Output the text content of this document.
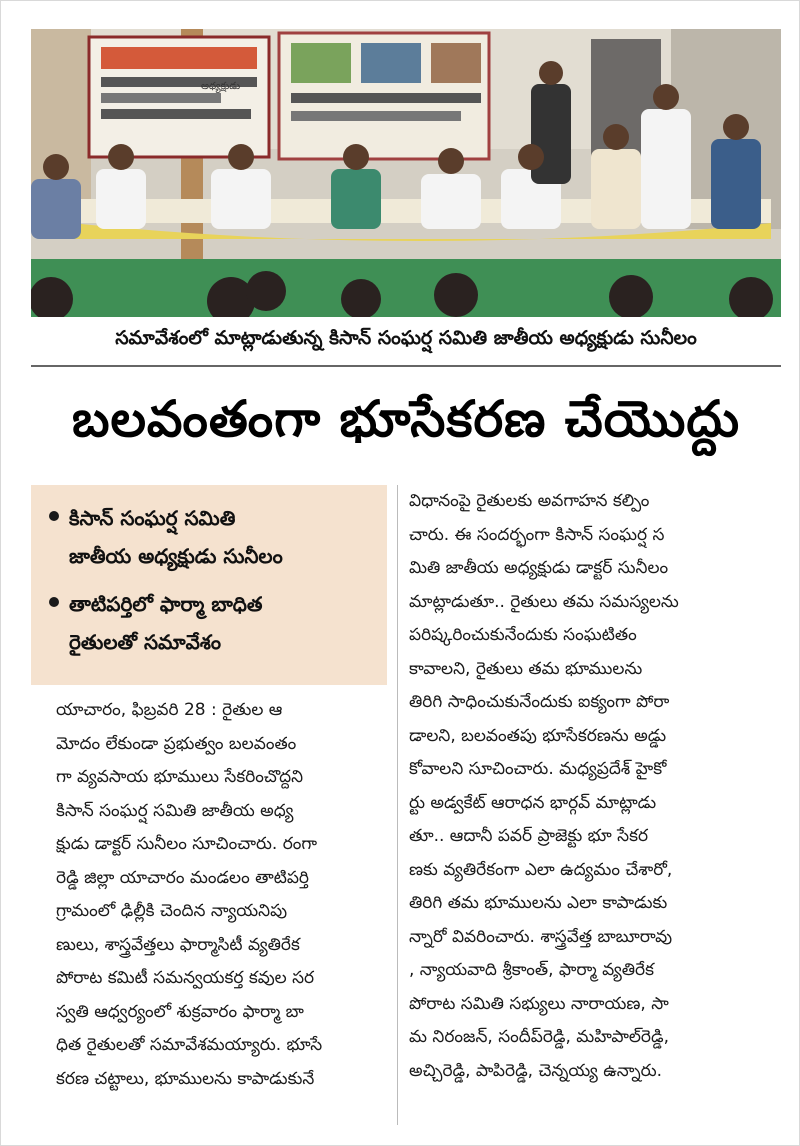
అధ్యక్షుడు
సమావేశంలో మాట్లాడుతున్న కిసాన్ సంఘర్ష సమితి జాతీయ అధ్యక్షుడు సునీలం
బలవంతంగా భూసేకరణ చేయొద్దు
కిసాన్ సంఘర్ష సమితి
జాతీయ అధ్యక్షుడు సునీలం
తాటిపర్తిలో ఫార్మా బాధిత
రైతులతో సమావేశం
యాచారం, ఫిబ్రవరి 28 : రైతుల ఆ
మోదం లేకుండా ప్రభుత్వం బలవంతం
గా వ్యవసాయ భూములు సేకరించొద్దని
కిసాన్ సంఘర్ష సమితి జాతీయ అధ్య
క్షుడు డాక్టర్ సునీలం సూచించారు. రంగా
రెడ్డి జిల్లా యాచారం మండలం తాటిపర్తి
గ్రామంలో ఢిల్లీకి చెందిన న్యాయనిపు
ణులు, శాస్త్రవేత్తలు ఫార్మాసిటీ వ్యతిరేక
పోరాట కమిటీ సమన్వయకర్త కవుల సర
స్వతి ఆధ్వర్యంలో శుక్రవారం ఫార్మా బా
ధిత రైతులతో సమావేశమయ్యారు. భూసే
కరణ చట్టాలు, భూములను కాపాడుకునే
విధానంపై రైతులకు అవగాహన కల్పిం
చారు. ఈ సందర్భంగా కిసాన్ సంఘర్ష స
మితి జాతీయ అధ్యక్షుడు డాక్టర్ సునీలం
మాట్లాడుతూ.. రైతులు తమ సమస్యలను
పరిష్కరించుకునేందుకు సంఘటితం
కావాలని, రైతులు తమ భూములను
తిరిగి సాధించుకునేందుకు ఐక్యంగా పోరా
డాలని, బలవంతపు భూసేకరణను అడ్డు
కోవాలని సూచించారు. మధ్యప్రదేశ్ హైకో
ర్టు అడ్వకేట్ ఆరాధన భార్గవ్ మాట్లాడు
తూ.. ఆదానీ పవర్ ప్రాజెక్టు భూ సేకర
ణకు వ్యతిరేకంగా ఎలా ఉద్యమం చేశారో,
తిరిగి తమ భూములను ఎలా కాపాడుకు
న్నారో వివరించారు. శాస్త్రవేత్త బాబూరావు
, న్యాయవాది శ్రీకాంత్, ఫార్మా వ్యతిరేక
పోరాట సమితి సభ్యులు నారాయణ, సా
మ నిరంజన్, సందీప్‌రెడ్డి, మహిపాల్‌రెడ్డి,
అచ్చిరెడ్డి, పాపిరెడ్డి, చెన్నయ్య ఉన్నారు.
